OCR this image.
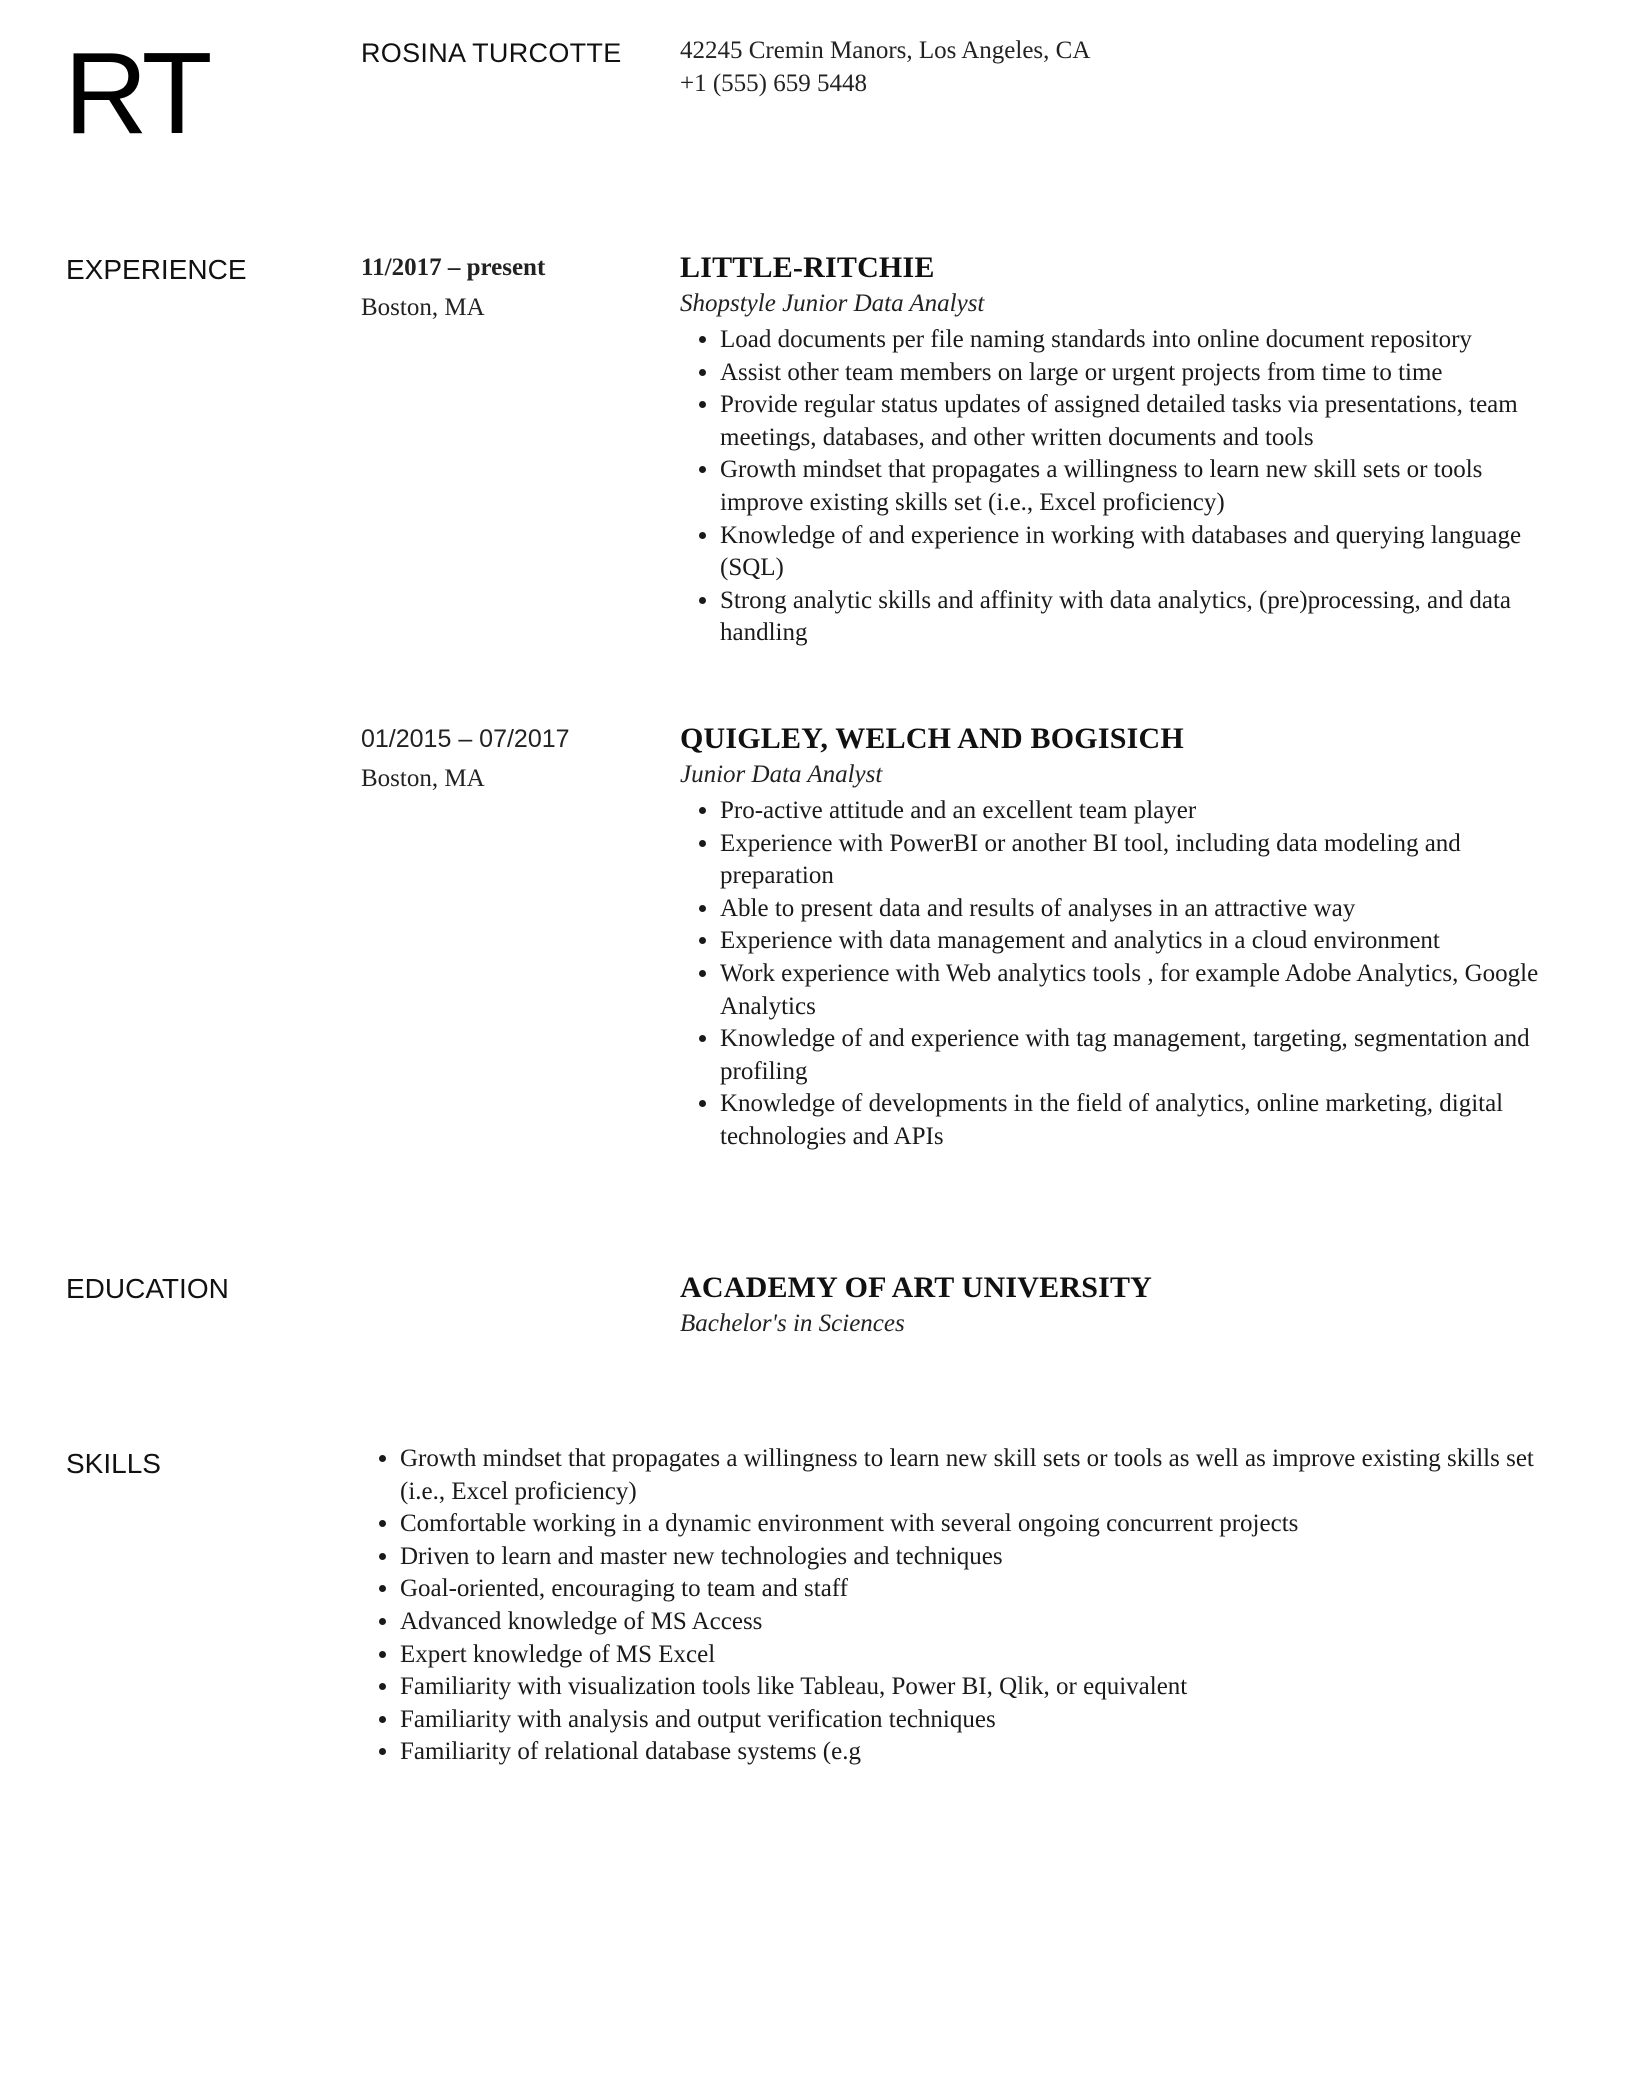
RT	ROSINA TURCOTTE 42245 Cremin Manors, Los Angeles, CA
+1 (555) 659 5448
EXPERIENCE	11/2017 – present
Boston, MA
LITTLE-RITCHIE
Shopstyle Junior Data Analyst
• Load documents per file naming standards into online document repository
• Assist other team members on large or urgent projects from time to time
• Provide regular status updates of assigned detailed tasks via presentations, team meetings, databases, and other written documents and tools
• Growth mindset that propagates a willingness to learn new skill sets or tools improve existing skills set (i.e., Excel proficiency)
• Knowledge of and experience in working with databases and querying language (SQL)
• Strong analytic skills and affinity with data analytics, (pre)processing, and data handling
01/2015 – 07/2017
Boston, MA
QUIGLEY, WELCH AND BOGISICH
Junior Data Analyst
• Pro-active attitude and an excellent team player
• Experience with PowerBI or another BI tool, including data modeling and preparation
• Able to present data and results of analyses in an attractive way
• Experience with data management and analytics in a cloud environment
• Work experience with Web analytics tools , for example Adobe Analytics, Google Analytics
• Knowledge of and experience with tag management, targeting, segmentation and profiling
• Knowledge of developments in the field of analytics, online marketing, digital technologies and APIs
EDUCATION	ACADEMY OF ART UNIVERSITY
Bachelor's in Sciences
SKILLS
•	Growth mindset that propagates a willingness to learn new skill sets or tools as well as improve existing skills set (i.e., Excel proficiency)
• Comfortable working in a dynamic environment with several ongoing concurrent projects
• Driven to learn and master new technologies and techniques
• Goal-oriented, encouraging to team and staff
• Advanced knowledge of MS Access
• Expert knowledge of MS Excel
• Familiarity with visualization tools like Tableau, Power BI, Qlik, or equivalent
• Familiarity with analysis and output verification techniques
• Familiarity of relational database systems (e.g
